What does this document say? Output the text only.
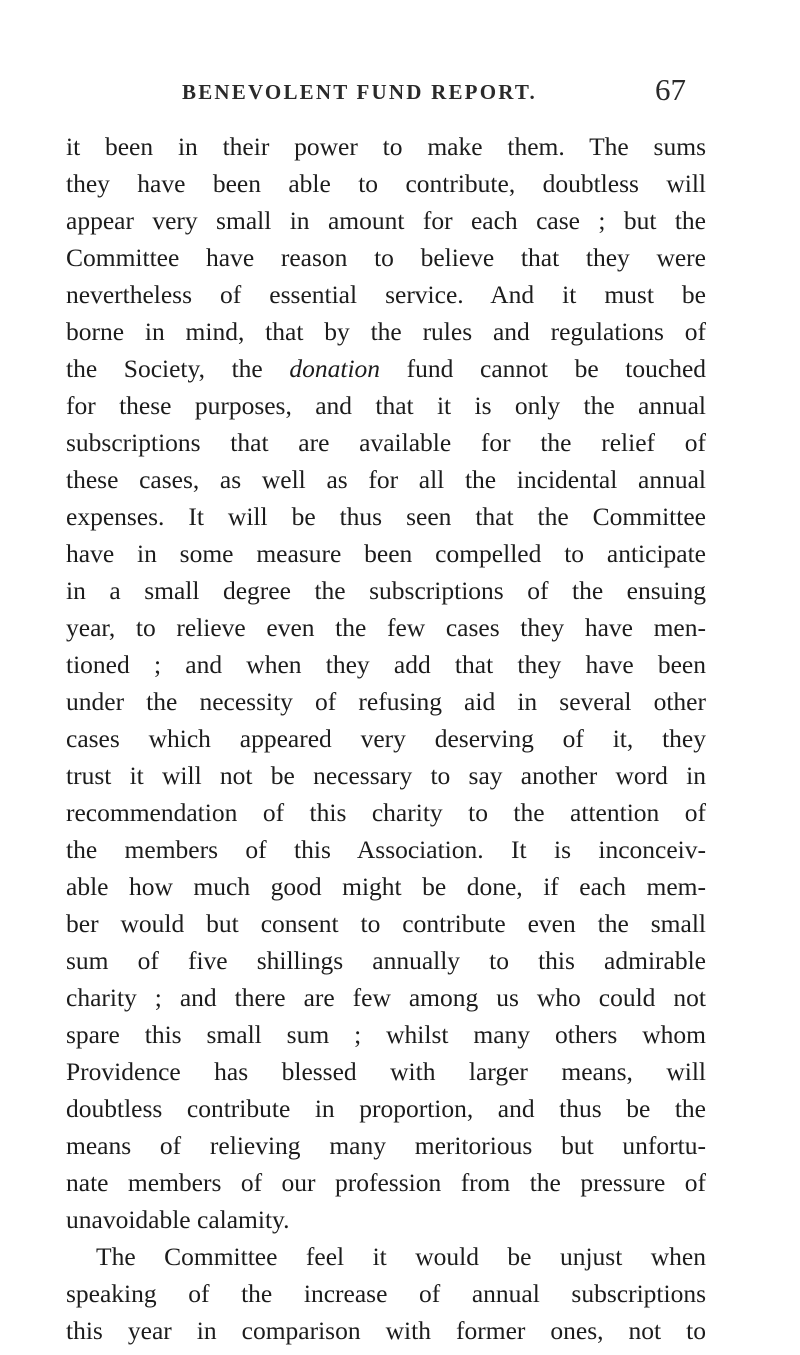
BENEVOLENT FUND REPORT.	67
it been in their power to make them. The sums
they have been able to contribute, doubtless will
appear very small in amount for each case ; but the
Committee have reason to believe that they were
nevertheless of essential service. And it must be
borne in mind, that by the rules and regulations of
the Society, the donation fund cannot be touched
for these purposes, and that it is only the annual
subscriptions that are available for the relief of
these cases, as well as for all the incidental annual
expenses. It will be thus seen that the Committee
have in some measure been compelled to anticipate
in a small degree the subscriptions of the ensuing
year, to relieve even the few cases they have men-
tioned ; and when they add that they have been
under the necessity of refusing aid in several other
cases which appeared very deserving of it, they
trust it will not be necessary to say another word in
recommendation of this charity to the attention of
the members of this Association. It is inconceiv-
able how much good might be done, if each mem-
ber would but consent to contribute even the small
sum of five shillings annually to this admirable
charity ; and there are few among us who could not
spare this small sum ; whilst many others whom
Providence has blessed with larger means, will
doubtless contribute in proportion, and thus be the
means of relieving many meritorious but unfortu-
nate members of our profession from the pressure of
unavoidable calamity.
The Committee feel it would be unjust when
speaking of the increase of annual subscriptions
this year in comparison with former ones, not to
